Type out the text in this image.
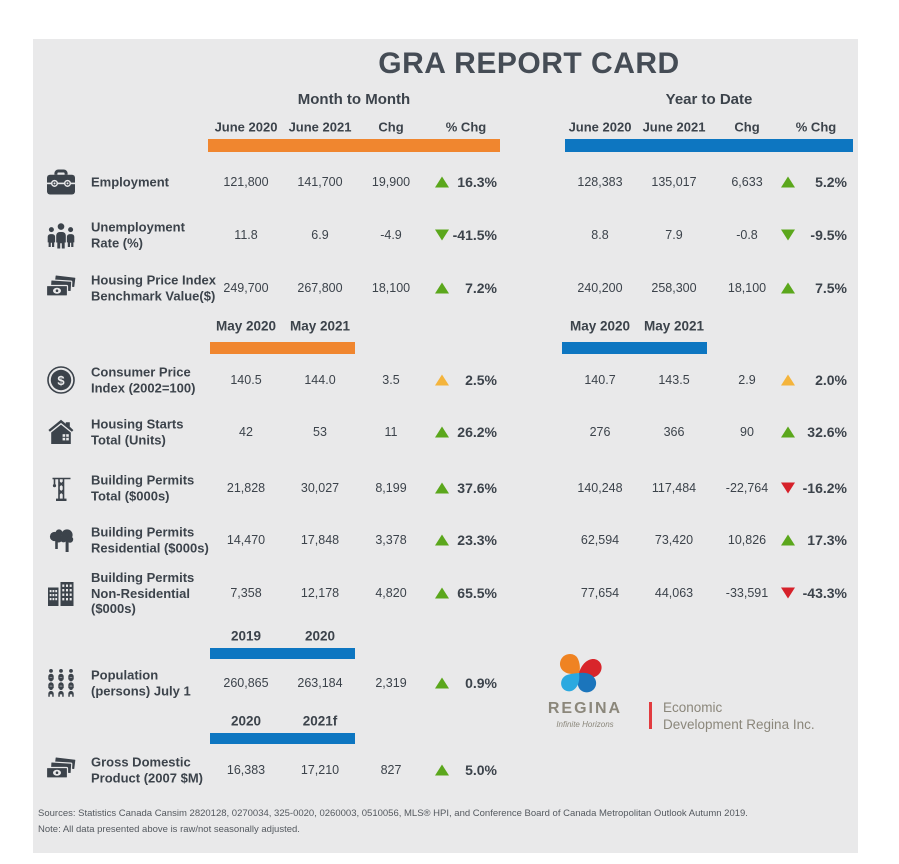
GRA REPORT CARD
Month to Month	Year to Date
June 2020 June 2021	Chg	% Chg	June 2020 June 2021	Chg	% Chg
Employment	121,800	141,700	19,900	16.3%	128,383	135,017	6,633	5.2%
Unemployment
Rate (%)	11.8	6.9	-4.9	-41.5%	8.8	7.9	-0.8	-9.5%
Housing Price Index
Benchmark Value($) 249,700	267,800	18,100	7.2%	240,200	258,300	18,100	7.5%
May 2020	May 2021	May 2020	May 2021
$
Consumer Price
Index (2002=100)	140.5	144.0	3.5	2.5%	140.7	143.5	2.9	2.0%
Housing Starts
Total (Units)	42	53	11	26.2%	276	366	90	32.6%
Building Permits
Total ($000s)	21,828	30,027	8,199	37.6%	140,248	117,484	-22,764	-16.2%
Building Permits
Residential ($000s)	14,470	17,848	3,378	23.3%	62,594	73,420	10,826	17.3%
Building Permits
Non-Residential
($000s)
7,358	12,178	4,820	65.5%	77,654	44,063	-33,591	-43.3%
2019	2020
Population
(persons) July 1	260,865	263,184	2,319	0.9%
2020	2021f
Gross Domestic
Product (2007 $M)	16,383	17,210	827	5.0%
REGINA
Infinite Horizons
Economic
Development Regina Inc.
Sources: Statistics Canada Cansim 2820128, 0270034, 325-0020, 0260003, 0510056, MLS® HPI, and Conference Board of Canada Metropolitan Outlook Autumn 2019.
Note: All data presented above is raw/not seasonally adjusted.
